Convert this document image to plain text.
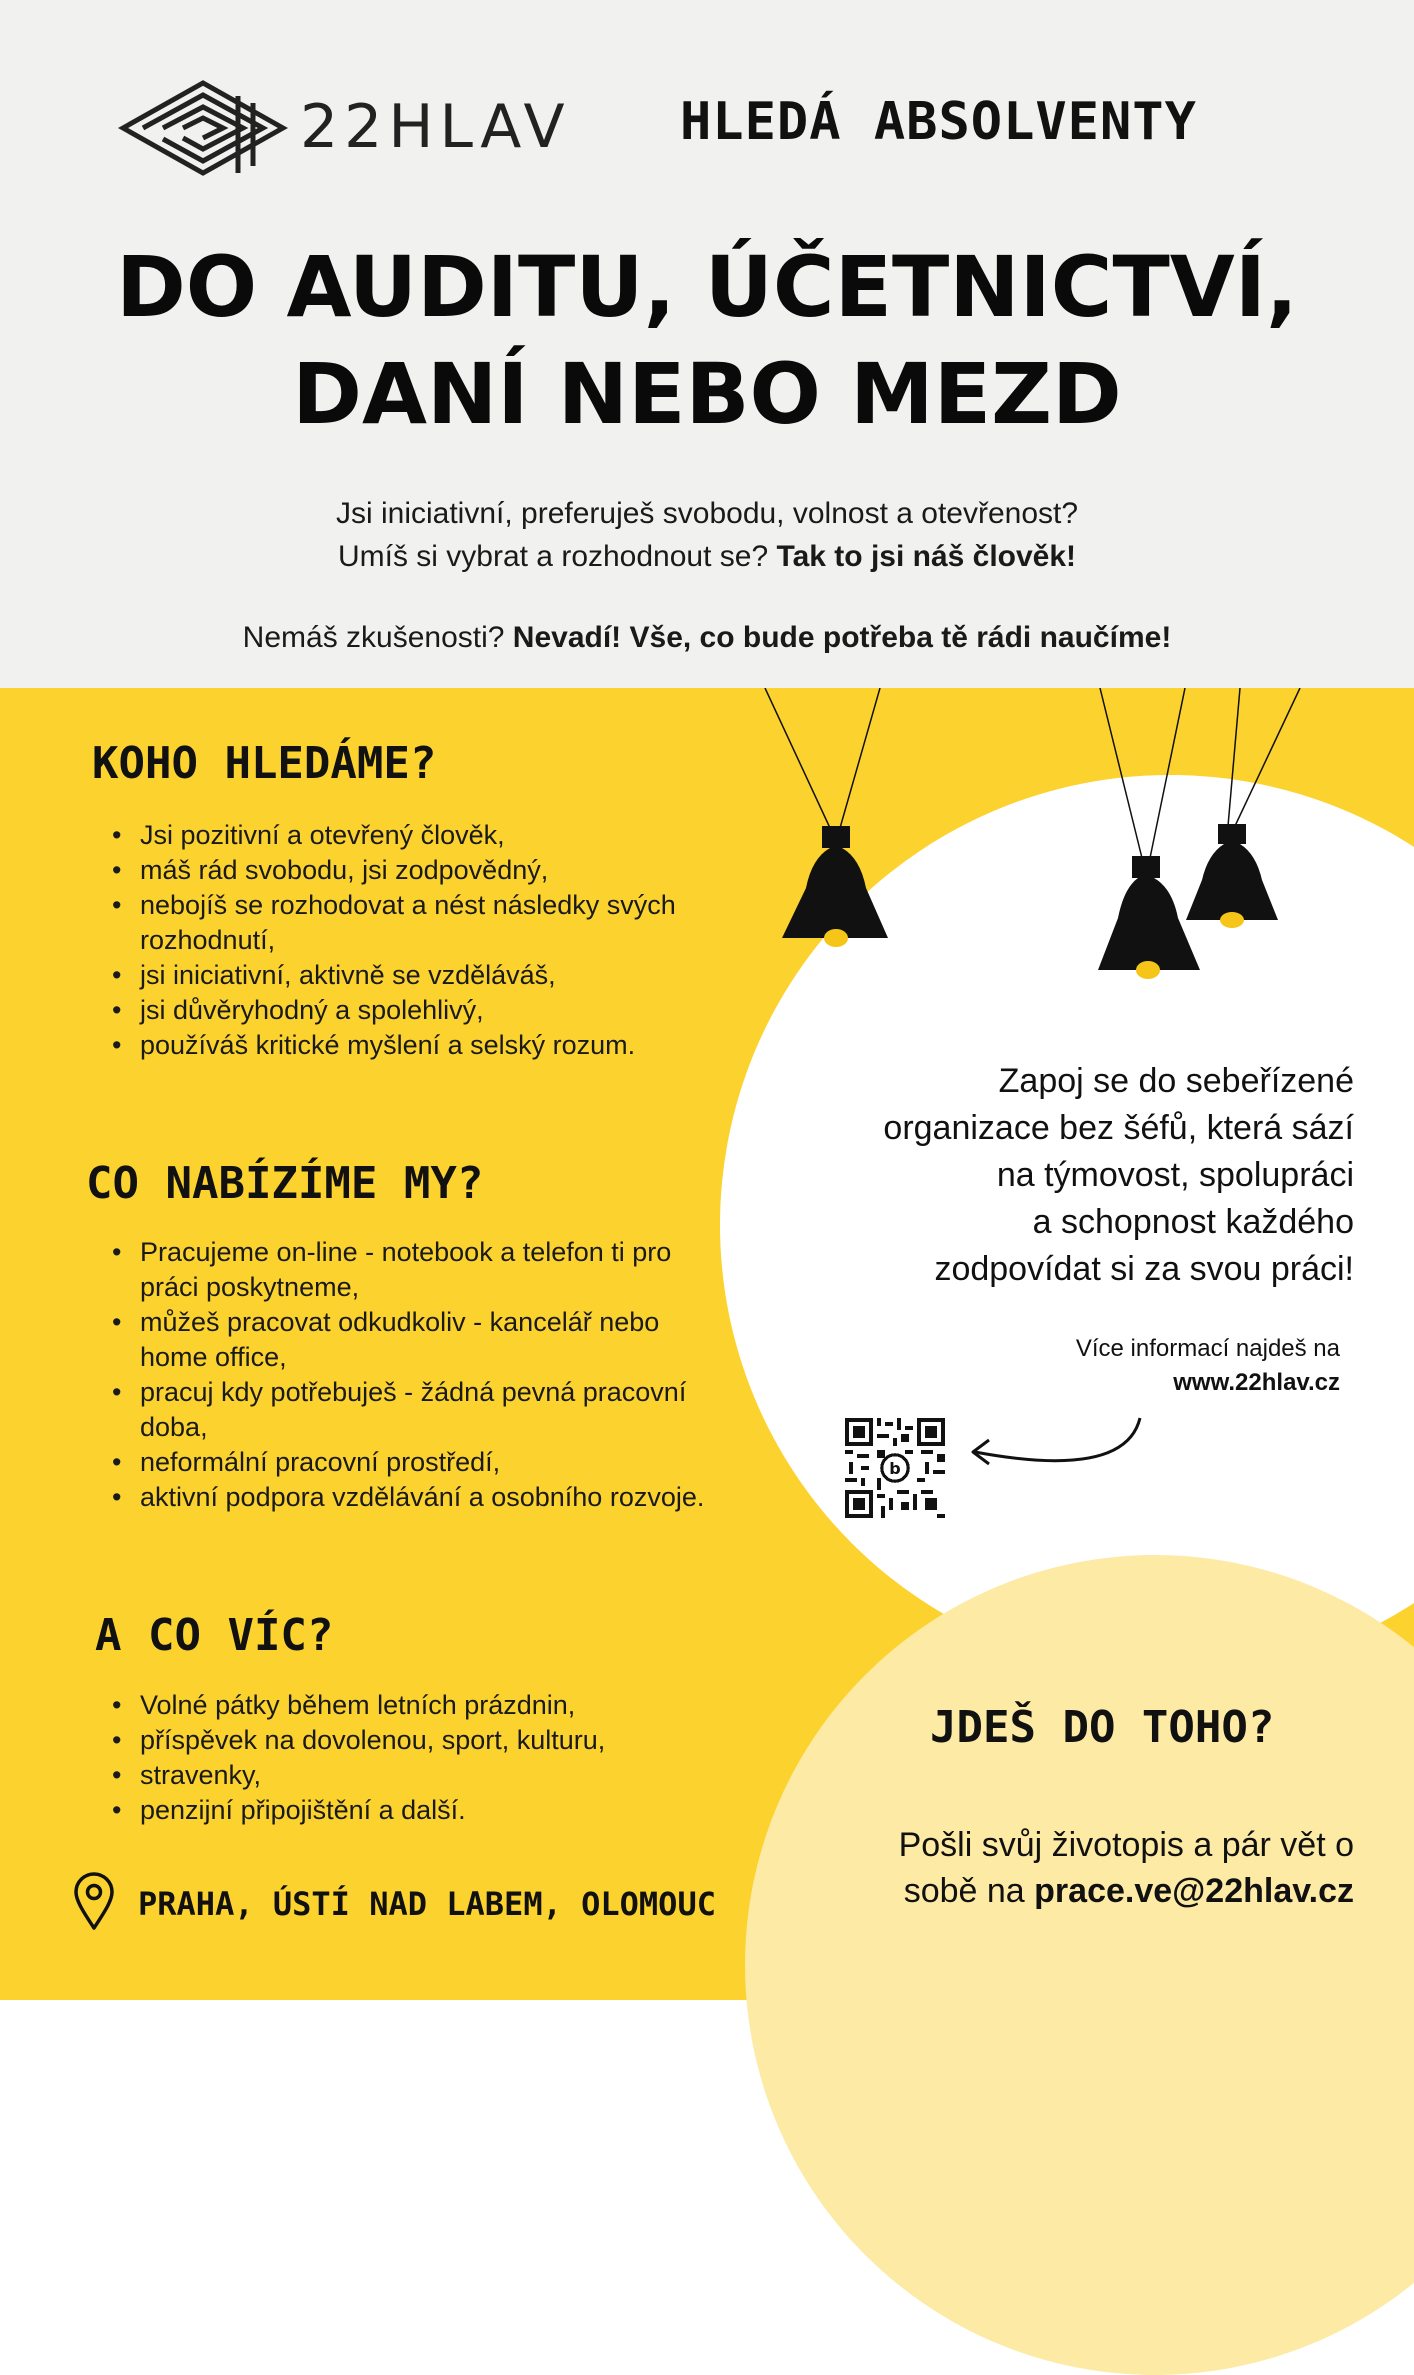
22HLAV HLEDÁ ABSOLVENTY
DO AUDITU, ÚČETNICTVÍ,
DANÍ NEBO MEZD
Jsi iniciativní, preferuješ svobodu, volnost a otevřenost?
Umíš si vybrat a rozhodnout se? Tak to jsi náš člověk!
Nemáš zkušenosti? Nevadí! Vše, co bude potřeba tě rádi naučíme!
KOHO HLEDÁME?
• Jsi pozitivní a otevřený člověk,
• máš rád svobodu, jsi zodpovědný,
• nebojíš se rozhodovat a nést následky svých rozhodnutí,
• jsi iniciativní, aktivně se vzděláváš,
• jsi důvěryhodný a spolehlivý,
• používáš kritické myšlení a selský rozum.
CO NABÍZÍME MY?
• Pracujeme on-line - notebook a telefon ti pro práci poskytneme,
• můžeš pracovat odkudkoliv - kancelář nebo home office,
• pracuj kdy potřebuješ - žádná pevná pracovní doba,
• neformální pracovní prostředí,
• aktivní podpora vzdělávání a osobního rozvoje.
A CO VÍC?
• Volné pátky během letních prázdnin,
• příspěvek na dovolenou, sport, kulturu,
• stravenky,
• penzijní připojištění a další.
Zapoj se do sebeřízené
organizace bez šéfů, která sází
na týmovost, spolupráci
a schopnost každého
zodpovídat si za svou práci!
Více informací najdeš na
www.22hlav.cz
b
JDEŠ DO TOHO?
Pošli svůj životopis a pár vět o
sobě na prace.ve@22hlav.cz
PRAHA, ÚSTÍ NAD LABEM, OLOMOUC
